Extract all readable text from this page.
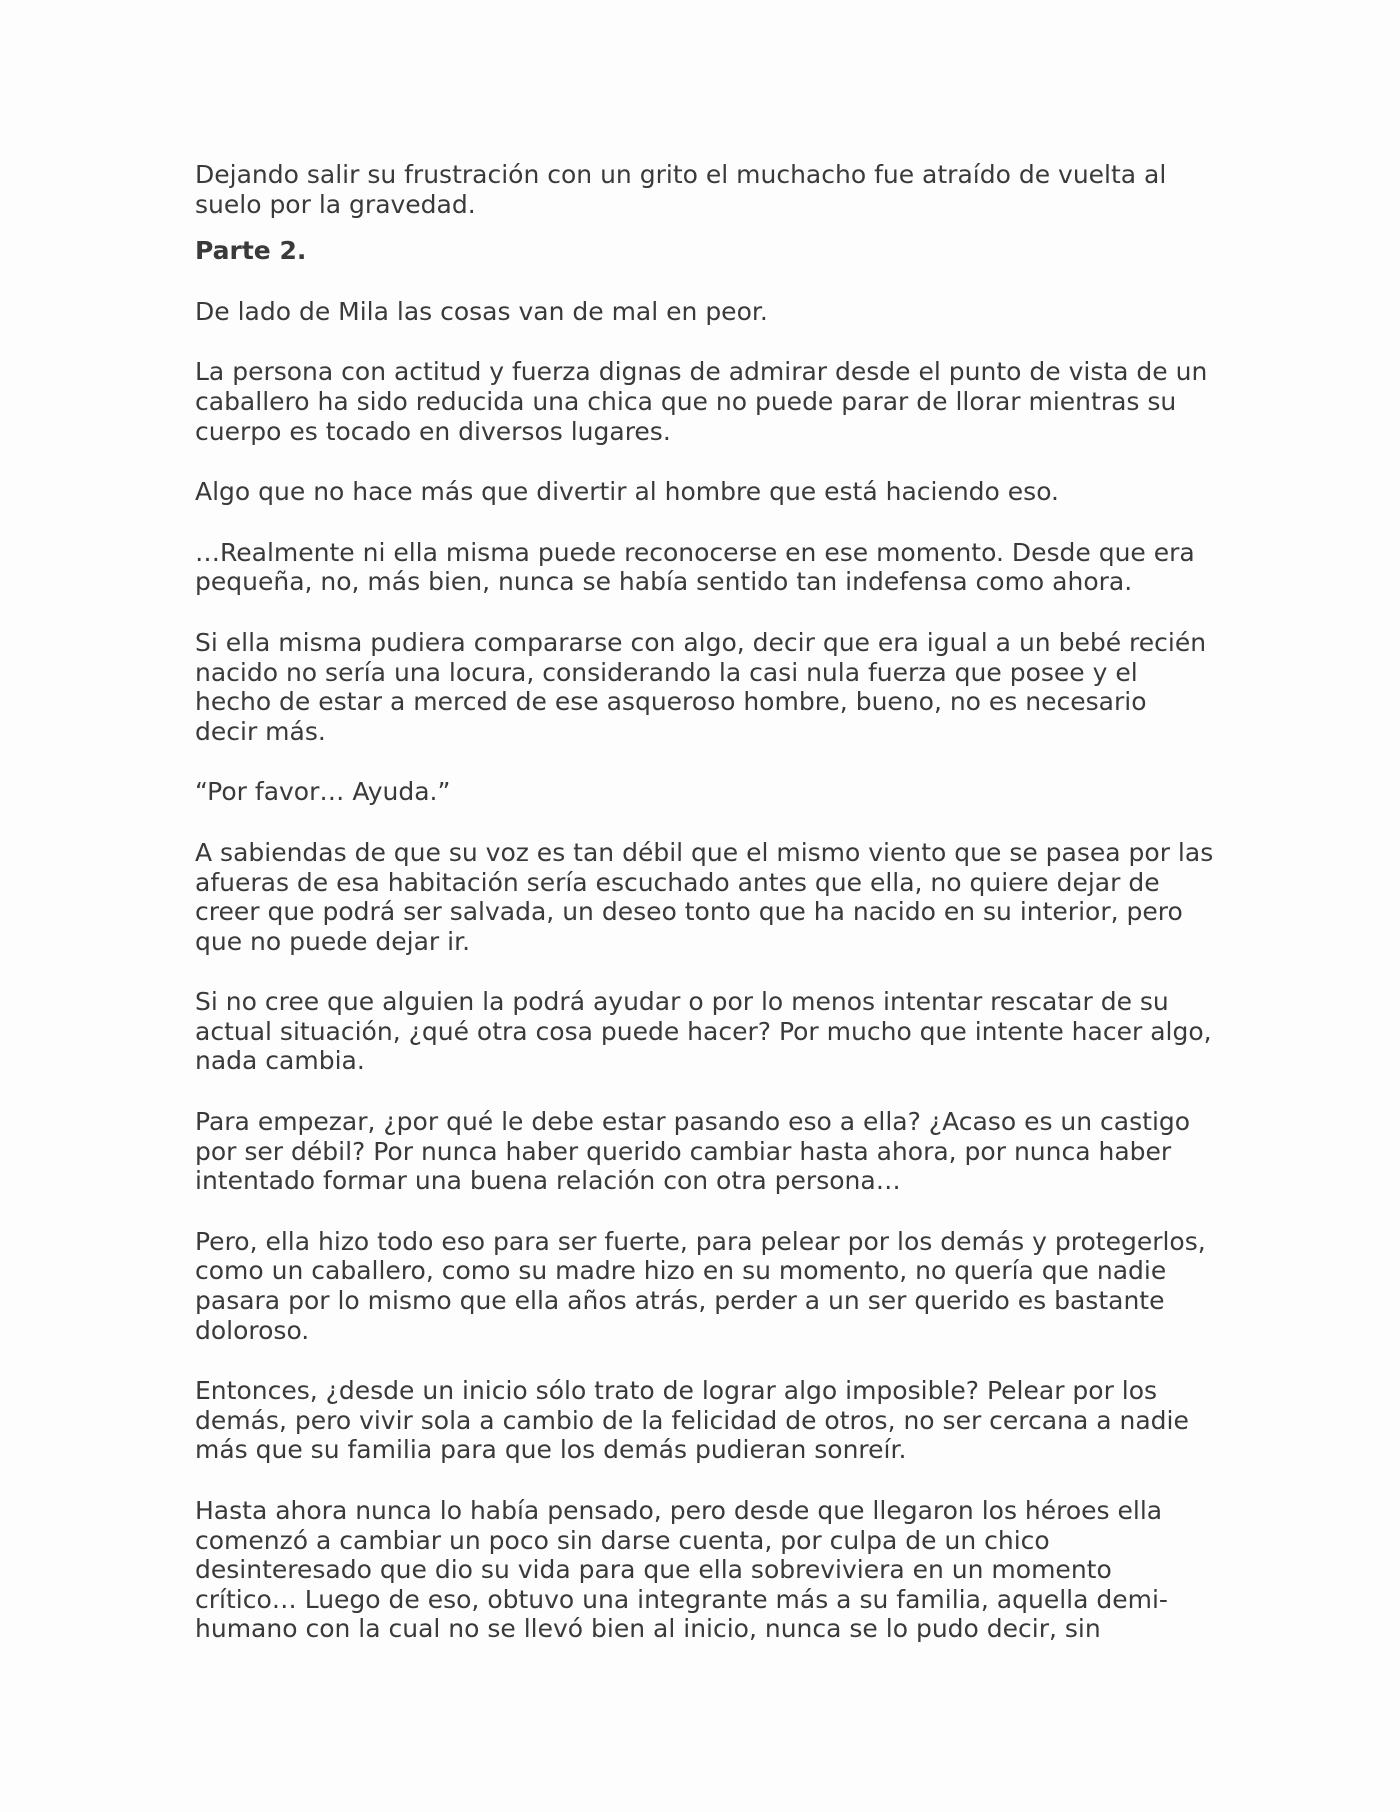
Dejando salir su frustración con un grito el muchacho fue atraído de vuelta al suelo por la gravedad.

Parte 2.

De lado de Mila las cosas van de mal en peor.

La persona con actitud y fuerza dignas de admirar desde el punto de vista de un caballero ha sido reducida una chica que no puede parar de llorar mientras su cuerpo es tocado en diversos lugares.

Algo que no hace más que divertir al hombre que está haciendo eso.

…Realmente ni ella misma puede reconocerse en ese momento. Desde que era pequeña, no, más bien, nunca se había sentido tan indefensa como ahora.

Si ella misma pudiera compararse con algo, decir que era igual a un bebé recién nacido no sería una locura, considerando la casi nula fuerza que posee y el hecho de estar a merced de ese asqueroso hombre, bueno, no es necesario decir más.

“Por favor… Ayuda.”

A sabiendas de que su voz es tan débil que el mismo viento que se pasea por las afueras de esa habitación sería escuchado antes que ella, no quiere dejar de creer que podrá ser salvada, un deseo tonto que ha nacido en su interior, pero que no puede dejar ir.

Si no cree que alguien la podrá ayudar o por lo menos intentar rescatar de su actual situación, ¿qué otra cosa puede hacer? Por mucho que intente hacer algo, nada cambia.

Para empezar, ¿por qué le debe estar pasando eso a ella? ¿Acaso es un castigo por ser débil? Por nunca haber querido cambiar hasta ahora, por nunca haber intentado formar una buena relación con otra persona…

Pero, ella hizo todo eso para ser fuerte, para pelear por los demás y protegerlos, como un caballero, como su madre hizo en su momento, no quería que nadie pasara por lo mismo que ella años atrás, perder a un ser querido es bastante doloroso.

Entonces, ¿desde un inicio sólo trato de lograr algo imposible? Pelear por los demás, pero vivir sola a cambio de la felicidad de otros, no ser cercana a nadie más que su familia para que los demás pudieran sonreír.

Hasta ahora nunca lo había pensado, pero desde que llegaron los héroes ella comenzó a cambiar un poco sin darse cuenta, por culpa de un chico desinteresado que dio su vida para que ella sobreviviera en un momento crítico… Luego de eso, obtuvo una integrante más a su familia, aquella demi-humano con la cual no se llevó bien al inicio, nunca se lo pudo decir, sin
